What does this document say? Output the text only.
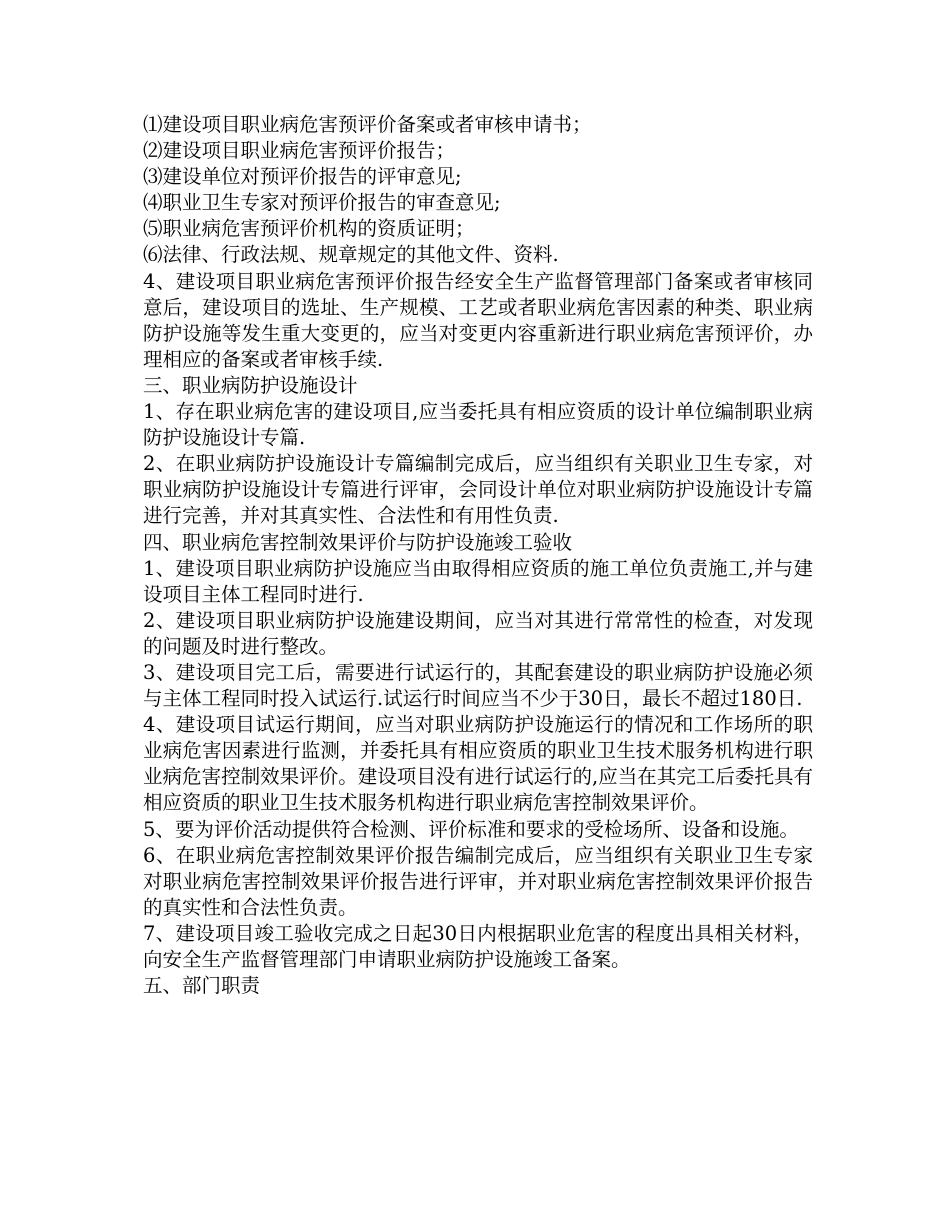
⑴建设项目职业病危害预评价备案或者审核申请书；

⑵建设项目职业病危害预评价报告；

⑶建设单位对预评价报告的评审意见;

⑷职业卫生专家对预评价报告的审查意见;

⑸职业病危害预评价机构的资质证明；

⑹法律、行政法规、规章规定的其他文件、资料.

4、建设项目职业病危害预评价报告经安全生产监督管理部门备案或者审核同意后，建设项目的选址、生产规模、工艺或者职业病危害因素的种类、职业病防护设施等发生重大变更的，应当对变更内容重新进行职业病危害预评价，办理相应的备案或者审核手续.

三、职业病防护设施设计

1、存在职业病危害的建设项目,应当委托具有相应资质的设计单位编制职业病防护设施设计专篇.

2、在职业病防护设施设计专篇编制完成后，应当组织有关职业卫生专家，对职业病防护设施设计专篇进行评审，会同设计单位对职业病防护设施设计专篇进行完善，并对其真实性、合法性和有用性负责.

四、职业病危害控制效果评价与防护设施竣工验收

1、建设项目职业病防护设施应当由取得相应资质的施工单位负责施工,并与建设项目主体工程同时进行.

2、建设项目职业病防护设施建设期间，应当对其进行常常性的检查，对发现的问题及时进行整改。

3、建设项目完工后，需要进行试运行的，其配套建设的职业病防护设施必须与主体工程同时投入试运行.试运行时间应当不少于30日，最长不超过180日.

4、建设项目试运行期间，应当对职业病防护设施运行的情况和工作场所的职业病危害因素进行监测，并委托具有相应资质的职业卫生技术服务机构进行职业病危害控制效果评价。建设项目没有进行试运行的,应当在其完工后委托具有相应资质的职业卫生技术服务机构进行职业病危害控制效果评价。

5、要为评价活动提供符合检测、评价标准和要求的受检场所、设备和设施。

6、在职业病危害控制效果评价报告编制完成后，应当组织有关职业卫生专家对职业病危害控制效果评价报告进行评审，并对职业病危害控制效果评价报告的真实性和合法性负责。

7、建设项目竣工验收完成之日起30日内根据职业危害的程度出具相关材料，向安全生产监督管理部门申请职业病防护设施竣工备案。

五、部门职责
